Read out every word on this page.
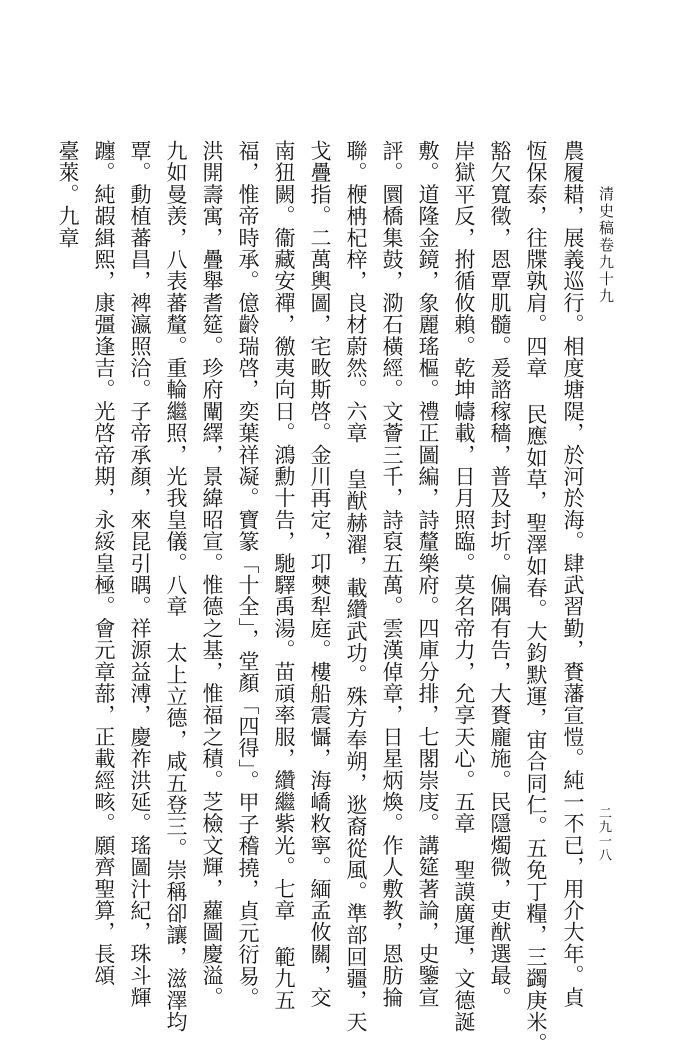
清史稿卷九十九
二九一八
農履耤，展義巡行。相度塘隄，於河於海。肆武習勤，賚藩宣愷。純一不已，用介大年。貞
恆保泰，往牒孰肩。四章 民應如草，聖澤如春。大鈞默運，宙合同仁。五免丁糧，三蠲庚米。
豁欠寬徵，恩覃肌髓。爰諮稼穡，普及封圻。偏隅有告，大賚龐施。民隱燭微，吏猷選最。
岸獄平反，拊循攸賴。乾坤幬載，日月照臨。莫名帝力，允享天心。五章 聖謨廣運，文德誕
敷。道隆金鏡，象麗瑤樞。禮正圖編，詩釐樂府。四庫分排，七閣崇庋。講筵著論，史鑒宣
評。圜橋集鼓，泐石橫經。文薈三千，詩裒五萬。雲漢倬章，日星炳煥。作人敷教，恩肪掄
聯。楩柟杞梓，良材蔚然。六章 皇猷赫濯，載纘武功。殊方奉朔，逖裔從風。準部回疆，天
戈疊指。二萬輿圖，宅畋斯啓。金川再定，卭僰犁庭。樓船震懾，海嶠敉寧。緬孟攸關，交
南狃闕。衞藏安禪，徼夷向日。鴻勳十告，馳驛禹湯。苗頑率服，纘繼紫光。七章 範九五
福，惟帝時承。億齡瑞啓，奕葉祥凝。寶篆「十全」，堂顏「四得」。甲子稽撓，貞元衍易。
洪開壽寓，疊舉耆筵。珍府闡繹，景緯昭宣。惟德之基，惟福之積。芝檢文輝，蘿圖慶溢。
九如曼羡，八表蕃釐。重輪繼照，光我皇儀。八章 太上立德，咸五登三。崇稱卻讓，滋澤均
覃。動植蕃昌，裨瀛照洽。子帝承顏，來昆引㬂。祥源益溥，慶祚洪延。瑤圖汁紀，珠斗輝
躔。純嘏緝熙，康彊逢吉。光啓帝期，永綏皇極。會元章蔀，正載經畡。願齊聖算，長頌
臺萊。九章
